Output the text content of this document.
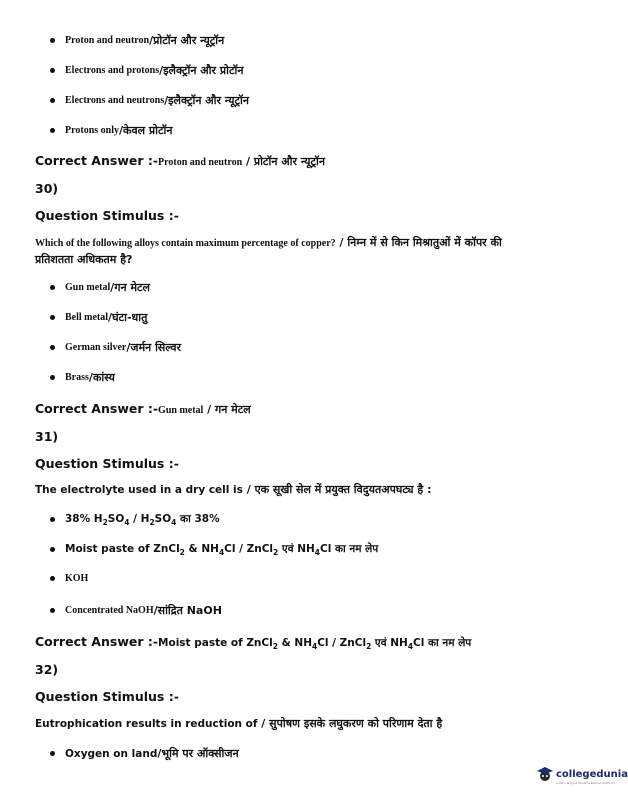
Proton and neutron / प्रोटॉन और न्यूट्रॉन
Electrons and protons / इलैक्ट्रॉन और प्रोटॉन
Electrons and neutrons / इलैक्ट्रॉन और न्यूट्रॉन
Protons only / केवल प्रोटॉन
Correct Answer :-Proton and neutron / प्रोटॉन और न्यूट्रॉन
30)
Question Stimulus :-
Which of the following alloys contain maximum percentage of copper? / निम्न में से किन मिश्रातुओं में कॉपर की
प्रतिशतता अधिकतम है?
Gun metal / गन मेटल
Bell metal / घंटा-धातु
German silver / जर्मन सिल्वर
Brass / कांस्य
Correct Answer :-Gun metal / गन मेटल
31)
Question Stimulus :-
The electrolyte used in a dry cell is / एक सूखी सेल में प्रयुक्त विदुयतअपघट्य है :
38% $H_2SO_4 / H_2SO_4$ का 38%
Moist paste of ZnCl$_2$ & $NH_4Cl$ / ZnCl$_2$ एवं $NH_4Cl$ का नम लेप
KOH
Concentrated NaOH / सांद्रित NaOH
Correct Answer :-Moist paste of ZnCl$_2$ & $NH_4Cl$ / ZnCl$_2$ एवं $NH_4Cl$ का नम लेप
32)
Question Stimulus :-
Eutrophication results in reduction of / सुपोषण इसके लघुकरण को परिणाम देता है
Oxygen on land / भूमि पर ऑक्सीजन
collegedunia
India's largest Student Review Platform
